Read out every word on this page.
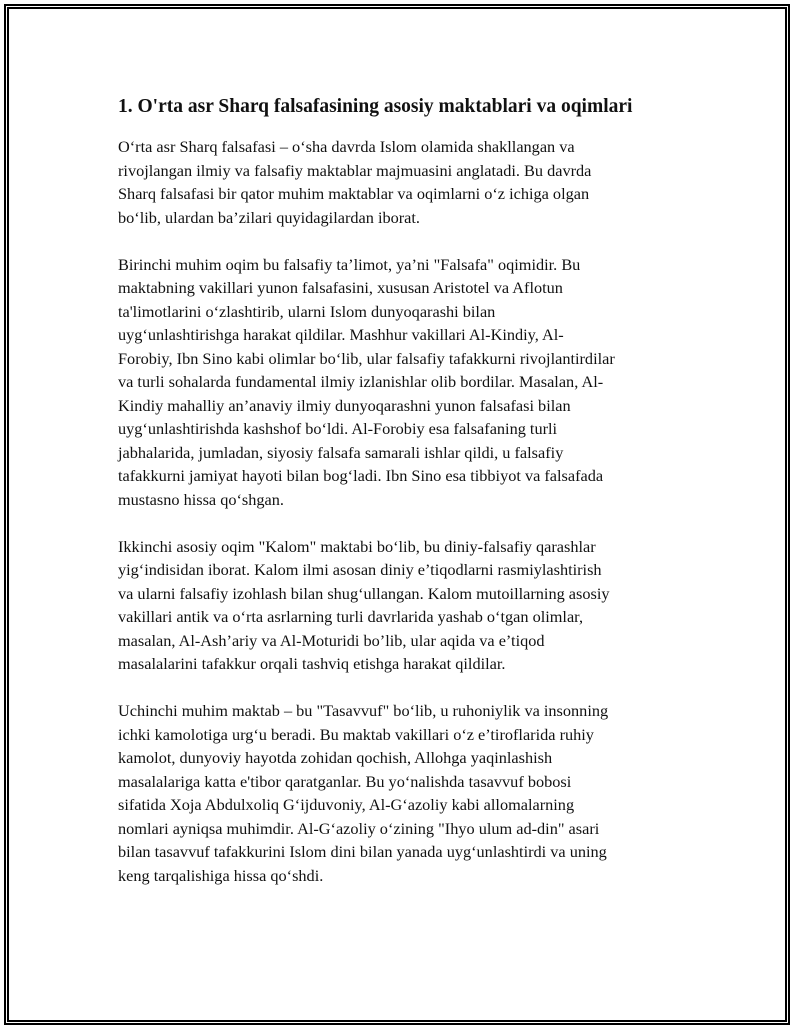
1. O'rta asr Sharq falsafasining asosiy maktablari va oqimlari
O‘rta asr Sharq falsafasi – o‘sha davrda Islom olamida shakllangan va
rivojlangan ilmiy va falsafiy maktablar majmuasini anglatadi. Bu davrda
Sharq falsafasi bir qator muhim maktablar va oqimlarni o‘z ichiga olgan
bo‘lib, ulardan ba’zilari quyidagilardan iborat.
Birinchi muhim oqim bu falsafiy ta’limot, ya’ni "Falsafa" oqimidir. Bu
maktabning vakillari yunon falsafasini, xususan Aristotel va Aflotun
ta'limotlarini o‘zlashtirib, ularni Islom dunyoqarashi bilan
uyg‘unlashtirishga harakat qildilar. Mashhur vakillari Al-Kindiy, Al-
Forobiy, Ibn Sino kabi olimlar bo‘lib, ular falsafiy tafakkurni rivojlantirdilar
va turli sohalarda fundamental ilmiy izlanishlar olib bordilar. Masalan, Al-
Kindiy mahalliy an’anaviy ilmiy dunyoqarashni yunon falsafasi bilan
uyg‘unlashtirishda kashshof bo‘ldi. Al-Forobiy esa falsafaning turli
jabhalarida, jumladan, siyosiy falsafa samarali ishlar qildi, u falsafiy
tafakkurni jamiyat hayoti bilan bog‘ladi. Ibn Sino esa tibbiyot va falsafada
mustasno hissa qo‘shgan.
Ikkinchi asosiy oqim "Kalom" maktabi bo‘lib, bu diniy-falsafiy qarashlar
yig‘indisidan iborat. Kalom ilmi asosan diniy e’tiqodlarni rasmiylashtirish
va ularni falsafiy izohlash bilan shug‘ullangan. Kalom mutoillarning asosiy
vakillari antik va o‘rta asrlarning turli davrlarida yashab o‘tgan olimlar,
masalan, Al-Ash’ariy va Al-Moturidi bo’lib, ular aqida va e’tiqod
masalalarini tafakkur orqali tashviq etishga harakat qildilar.
Uchinchi muhim maktab – bu "Tasavvuf" bo‘lib, u ruhoniylik va insonning
ichki kamolotiga urg‘u beradi. Bu maktab vakillari o‘z e’tiroflarida ruhiy
kamolot, dunyoviy hayotda zohidan qochish, Allohga yaqinlashish
masalalariga katta e'tibor qaratganlar. Bu yo‘nalishda tasavvuf bobosi
sifatida Xoja Abdulxoliq G‘ijduvoniy, Al-G‘azoliy kabi allomalarning
nomlari ayniqsa muhimdir. Al-G‘azoliy o‘zining "Ihyo ulum ad-din" asari
bilan tasavvuf tafakkurini Islom dini bilan yanada uyg‘unlashtirdi va uning
keng tarqalishiga hissa qo‘shdi.
